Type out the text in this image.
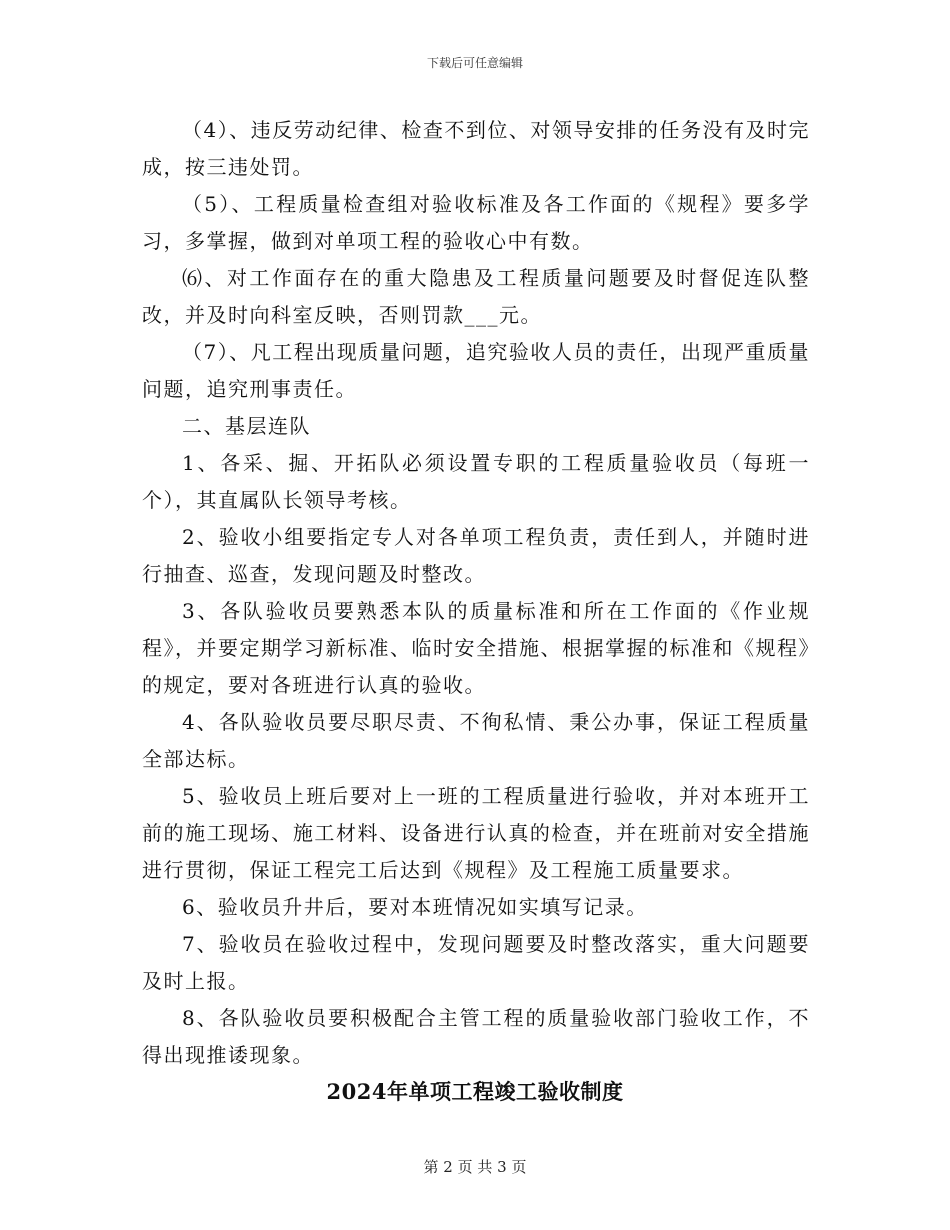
下载后可任意编辑

（4）、违反劳动纪律、检查不到位、对领导安排的任务没有及时完成，按三违处罚。

（5）、工程质量检查组对验收标准及各工作面的《规程》要多学习，多掌握，做到对单项工程的验收心中有数。

⑹、对工作面存在的重大隐患及工程质量问题要及时督促连队整改，并及时向科室反映，否则罚款___元。

（7）、凡工程出现质量问题，追究验收人员的责任，出现严重质量问题，追究刑事责任。

二、基层连队

1、各采、掘、开拓队必须设置专职的工程质量验收员（每班一个），其直属队长领导考核。

2、验收小组要指定专人对各单项工程负责，责任到人，并随时进行抽查、巡查，发现问题及时整改。

3、各队验收员要熟悉本队的质量标准和所在工作面的《作业规程》，并要定期学习新标准、临时安全措施、根据掌握的标准和《规程》的规定，要对各班进行认真的验收。

4、各队验收员要尽职尽责、不徇私情、秉公办事，保证工程质量全部达标。

5、验收员上班后要对上一班的工程质量进行验收，并对本班开工前的施工现场、施工材料、设备进行认真的检查，并在班前对安全措施进行贯彻，保证工程完工后达到《规程》及工程施工质量要求。

6、验收员升井后，要对本班情况如实填写记录。

7、验收员在验收过程中，发现问题要及时整改落实，重大问题要及时上报。

8、各队验收员要积极配合主管工程的质量验收部门验收工作，不得出现推诿现象。

2024年单项工程竣工验收制度
第 2 页 共 3 页
